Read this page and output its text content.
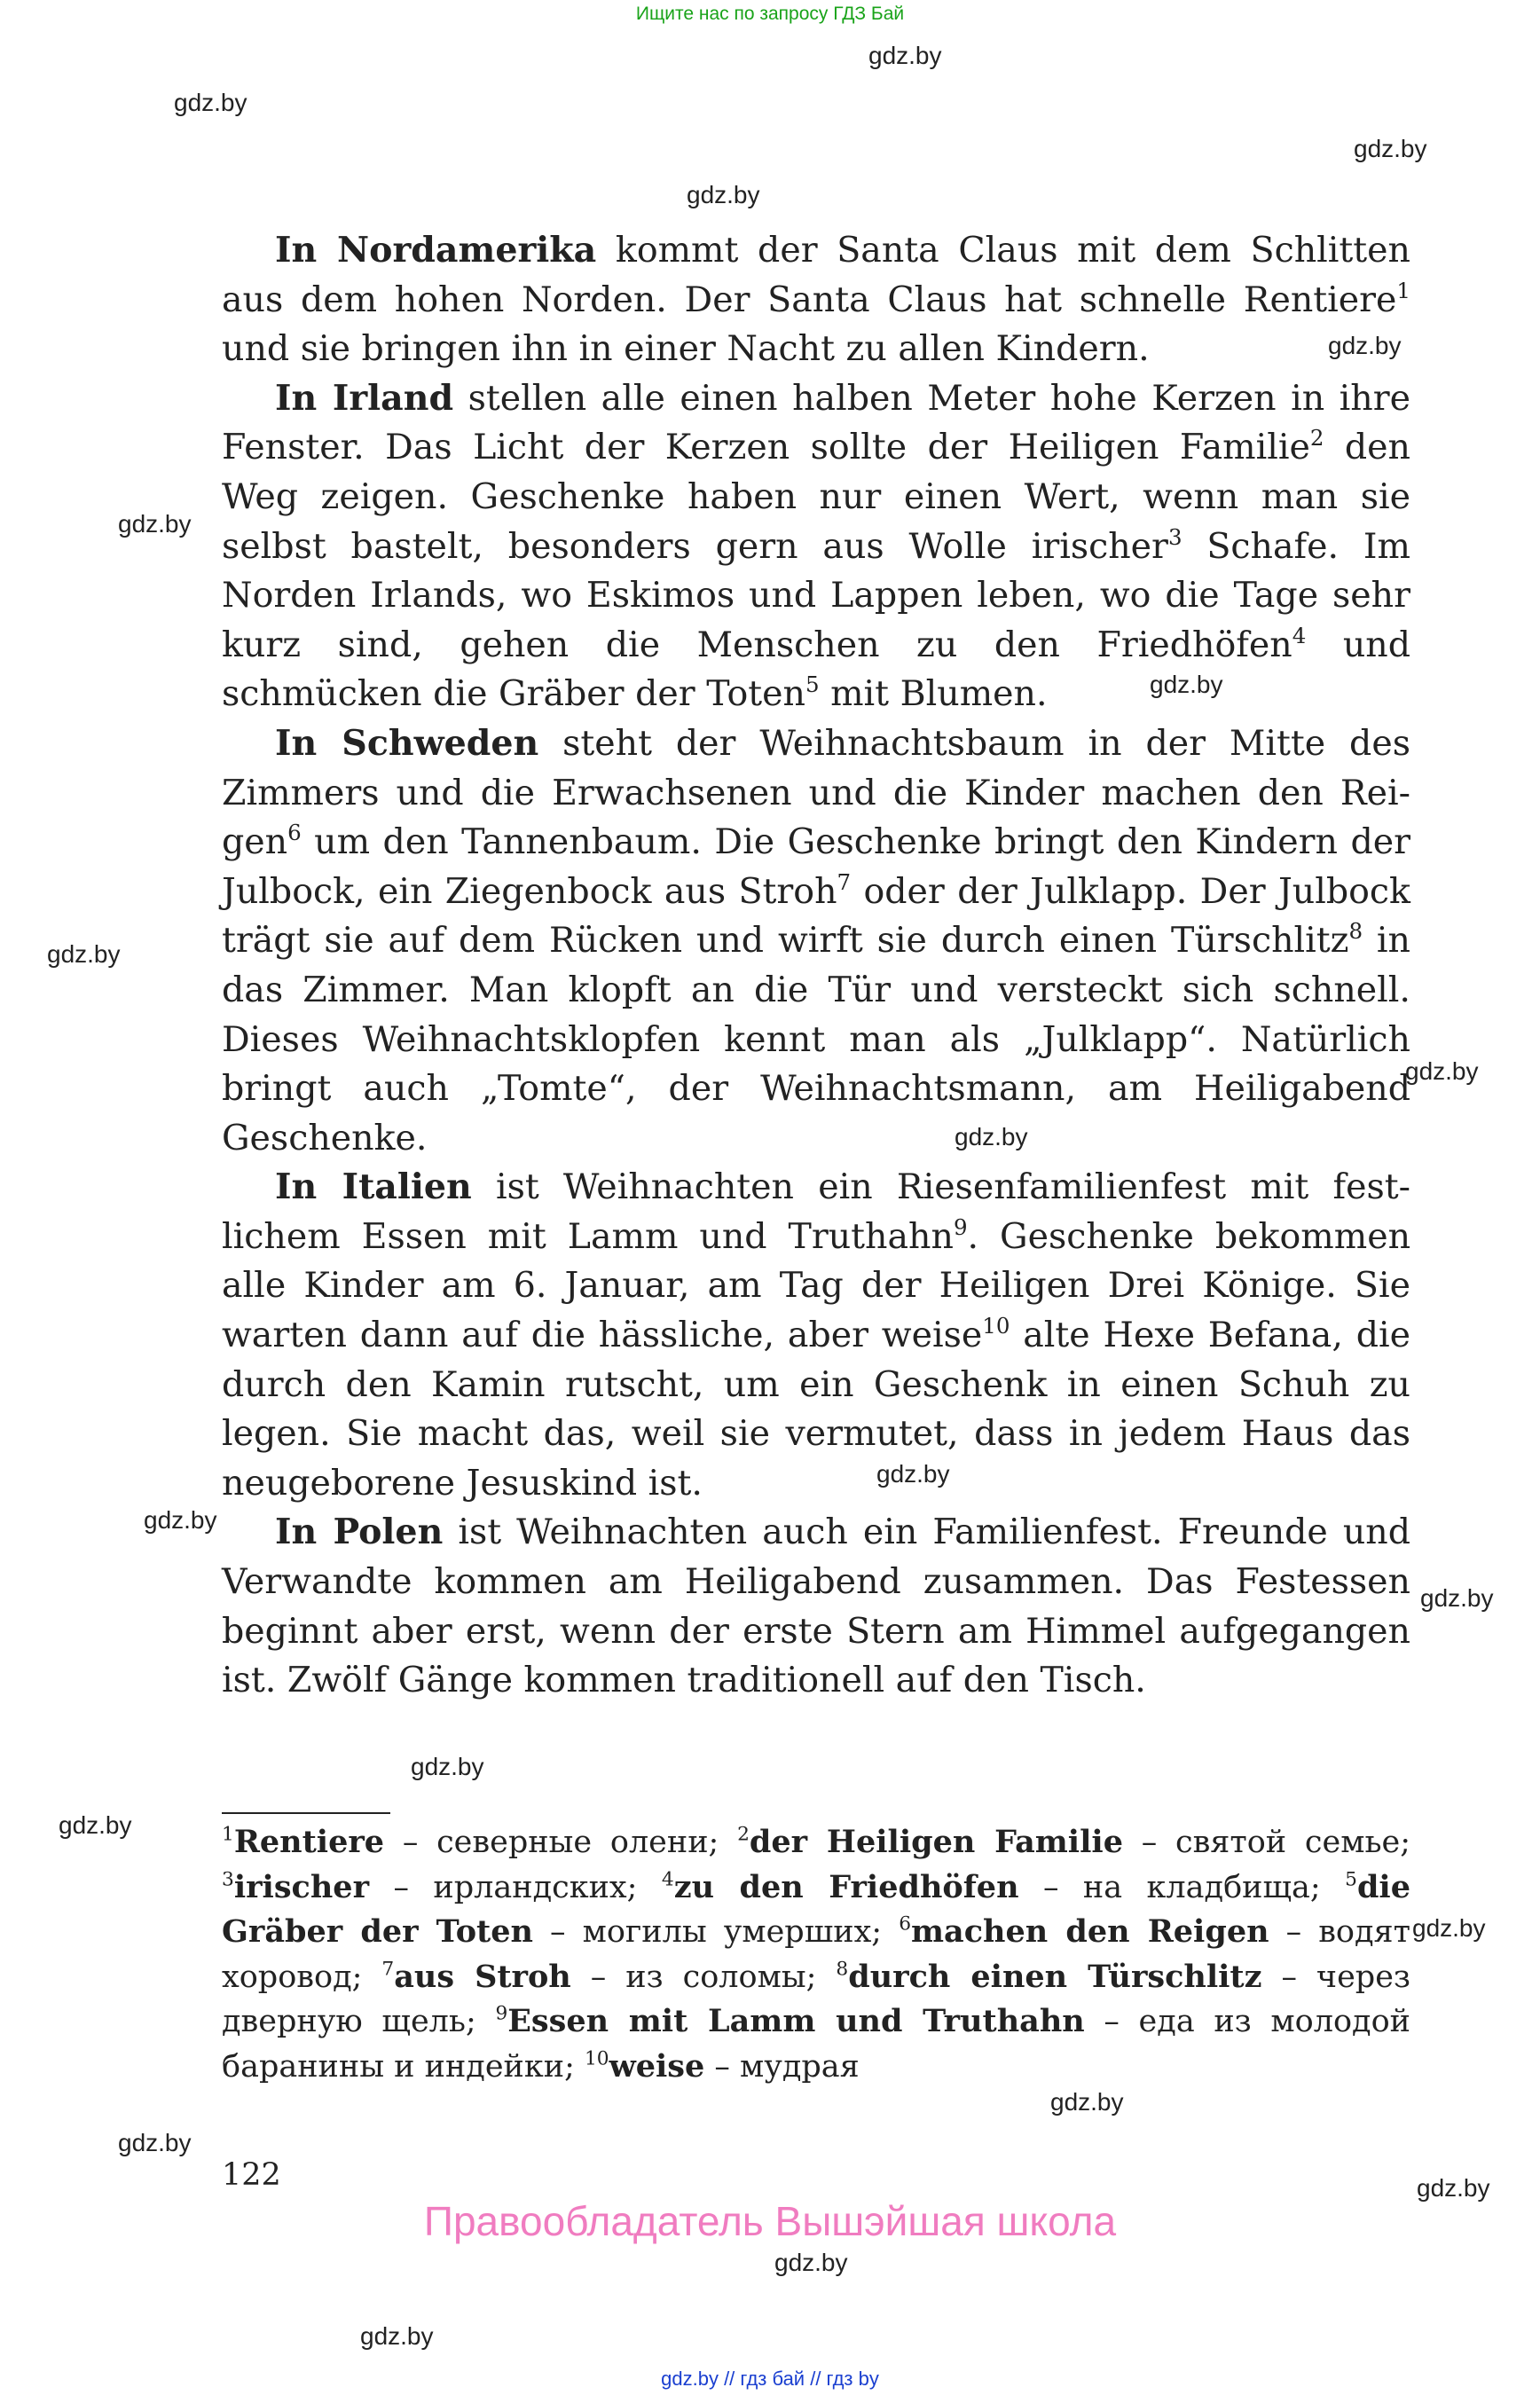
Ищите нас по запросу ГДЗ Бай
gdz.by
gdz.by
gdz.by
gdz.by
gdz.by
gdz.by
gdz.by
gdz.by
gdz.by
gdz.by
gdz.by
gdz.by
gdz.by
gdz.by
gdz.by
gdz.by
gdz.by
gdz.by
gdz.by
gdz.by
gdz.by

In Nordamerika kommt der Santa Claus mit dem Schlitten aus dem hohen Norden. Der Santa Claus hat schnelle Rentiere$^1$ und sie bringen ihn in einer Nacht zu allen Kindern.

In Irland stellen alle einen halben Meter hohe Kerzen in ihre Fenster. Das Licht der Kerzen sollte der Heiligen Familie$^2$ den Weg zeigen. Geschenke haben nur einen Wert, wenn man sie selbst bastelt, besonders gern aus Wolle irischer$^3$ Schafe. Im Norden Irlands, wo Eskimos und Lappen leben, wo die Tage sehr kurz sind, gehen die Menschen zu den Friedhöfen$^4$ und schmücken die Gräber der Toten$^5$ mit Blumen.

In Schweden steht der Weihnachtsbaum in der Mitte des Zimmers und die Erwachsenen und die Kinder machen den Reigen$^6$ um den Tannenbaum. Die Geschenke bringt den Kindern der Julbock, ein Ziegenbock aus Stroh$^7$ oder der Julklapp. Der Julbock trägt sie auf dem Rücken und wirft sie durch einen Türschlitz$^8$ in das Zimmer. Man klopft an die Tür und versteckt sich schnell. Dieses Weihnachtsklopfen kennt man als „Julklapp“. Natürlich bringt auch „Tomte“, der Weihnachtsmann, am Heiligabend Geschenke.

In Italien ist Weihnachten ein Riesenfamilienfest mit festlichem Essen mit Lamm und Truthahn$^9$. Geschenke bekommen alle Kinder am 6. Januar, am Tag der Heiligen Drei Könige. Sie warten dann auf die hässliche, aber weise$^{10}$ alte Hexe Befana, die durch den Kamin rutscht, um ein Geschenk in einen Schuh zu legen. Sie macht das, weil sie vermutet, dass in jedem Haus das neugeborene Jesuskind ist.

In Polen ist Weihnachten auch ein Familienfest. Freunde und Verwandte kommen am Heiligabend zusammen. Das Festessen beginnt aber erst, wenn der erste Stern am Himmel aufgegangen ist. Zwölf Gänge kommen traditionell auf den Tisch.

$^1$Rentiere – северные олени; $^2$der Heiligen Familie – святой семье; $^3$irischer – ирландских; $^4$zu den Friedhöfen – на кладбища; $^5$die Gräber der Toten – могилы умерших; $^6$machen den Reigen – водят хоровод; $^7$aus Stroh – из соломы; $^8$durch einen Türschlitz – через дверную щель; $^9$Essen mit Lamm und Truthahn – еда из молодой баранины и индейки; $^{10}$weise – мудрая
122
Правообладатель Вышэйшая школа
gdz.by // гдз бай // гдз by
